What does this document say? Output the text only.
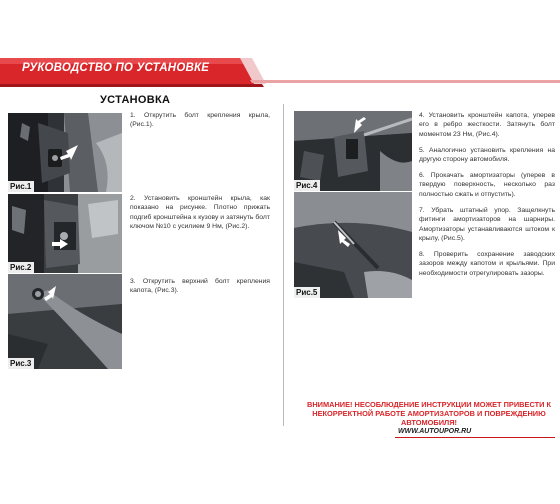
РУКОВОДСТВО ПО УСТАНОВКЕ
УСТАНОВКА
Рис.1
Рис.2
Рис.3
Рис.4
Рис.5
1. Открутить болт крепления крыла, (Рис.1).
2. Установить кронштейн крыла, как показано на рисунке. Плотно прижать подгиб кронштейна к кузову и затянуть болт ключом №10 с усилием 9 Нм, (Рис.2).
3. Открутить верхний болт крепления капота, (Рис.3).
4. Установить кронштейн капота, уперев его в ребро жесткости. Затянуть болт моментом 23 Нм, (Рис.4).
5. Аналогично установить крепления на другую сторону автомобиля.
6. Прокачать амортизаторы (уперев в твердую поверхность, несколько раз полностью сжать и отпустить).
7. Убрать штатный упор. Защелкнуть фитинги амортизаторов на шарниры. Амортизаторы устанавливаются штоком к крылу, (Рис.5).
8. Проверить сохранение заводских зазоров между капотом и крыльями. При необходимости отрегулировать зазоры.
ВНИМАНИЕ! НЕСОБЛЮДЕНИЕ ИНСТРУКЦИИ МОЖЕТ ПРИВЕСТИ К НЕКОРРЕКТНОЙ РАБОТЕ АМОРТИЗАТОРОВ И ПОВРЕЖДЕНИЮ АВТОМОБИЛЯ!
WWW.AUTOUPOR.RU
